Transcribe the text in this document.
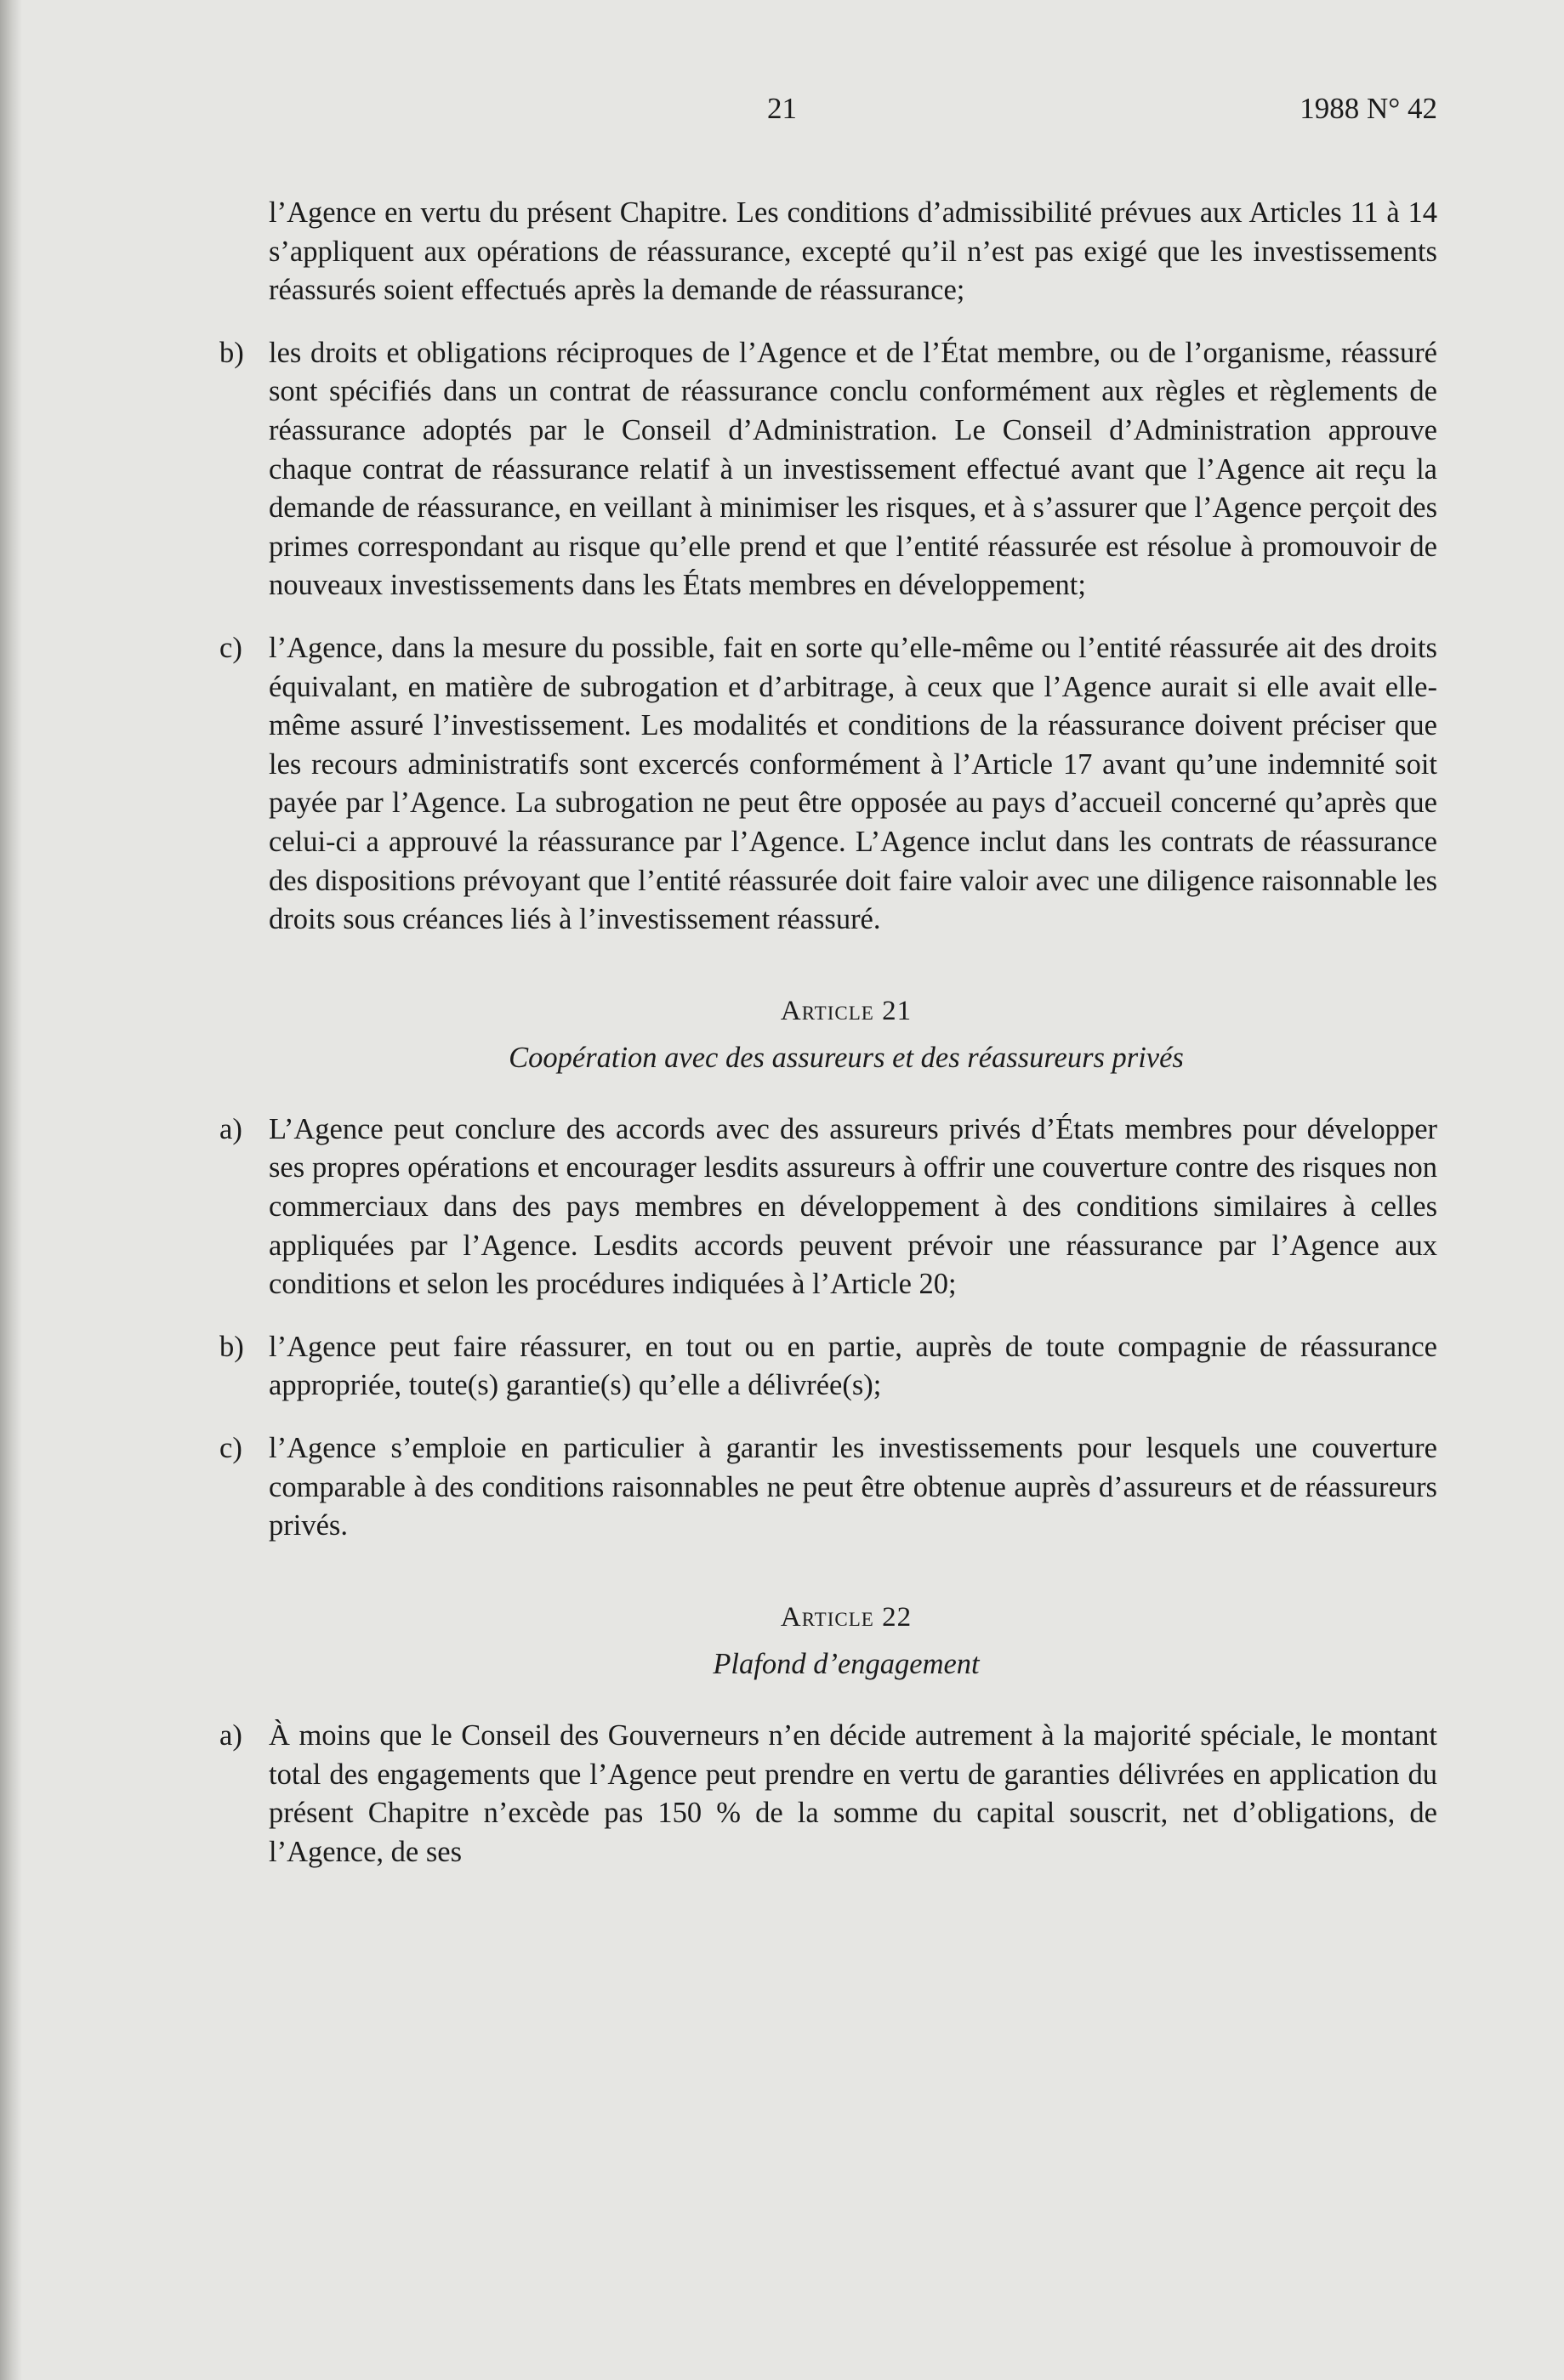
21	1988 N° 42

l’Agence en vertu du présent Chapitre. Les conditions d’admissibilité prévues aux Articles 11 à 14 s’appliquent aux opérations de réassurance, excepté qu’il n’est pas exigé que les investissements réassurés soient effectués après la demande de réassurance;

b) les droits et obligations réciproques de l’Agence et de l’État membre, ou de l’organisme, réassuré sont spécifiés dans un contrat de réassurance conclu conformément aux règles et règlements de réassurance adoptés par le Conseil d’Administration. Le Conseil d’Administration approuve chaque contrat de réassurance relatif à un investissement effectué avant que l’Agence ait reçu la demande de réassurance, en veillant à minimiser les risques, et à s’assurer que l’Agence perçoit des primes correspondant au risque qu’elle prend et que l’entité réassurée est résolue à promouvoir de nouveaux investissements dans les États membres en développement;

c) l’Agence, dans la mesure du possible, fait en sorte qu’elle-même ou l’entité réassurée ait des droits équivalant, en matière de subrogation et d’arbitrage, à ceux que l’Agence aurait si elle avait elle-même assuré l’investissement. Les modalités et conditions de la réassurance doivent préciser que les recours administratifs sont excercés conformément à l’Article 17 avant qu’une indemnité soit payée par l’Agence. La subrogation ne peut être opposée au pays d’accueil concerné qu’après que celui-ci a approuvé la réassurance par l’Agence. L’Agence inclut dans les contrats de réassurance des dispositions prévoyant que l’entité réassurée doit faire valoir avec une diligence raisonnable les droits sous créances liés à l’investissement réassuré.

Article 21
Coopération avec des assureurs et des réassureurs privés
a) L’Agence peut conclure des accords avec des assureurs privés d’États membres pour développer ses propres opérations et encourager lesdits assureurs à offrir une couverture contre des risques non commerciaux dans des pays membres en développement à des conditions similaires à celles appliquées par l’Agence. Lesdits accords peuvent prévoir une réassurance par l’Agence aux conditions et selon les procédures indiquées à l’Article 20;

b) l’Agence peut faire réassurer, en tout ou en partie, auprès de toute compagnie de réassurance appropriée, toute(s) garantie(s) qu’elle a délivrée(s);

c) l’Agence s’emploie en particulier à garantir les investissements pour lesquels une couverture comparable à des conditions raisonnables ne peut être obtenue auprès d’assureurs et de réassureurs privés.

Article 22
Plafond d’engagement
a) À moins que le Conseil des Gouverneurs n’en décide autrement à la majorité spéciale, le montant total des engagements que l’Agence peut prendre en vertu de garanties délivrées en application du présent Chapitre n’excède pas 150 % de la somme du capital souscrit, net d’obligations, de l’Agence, de ses
